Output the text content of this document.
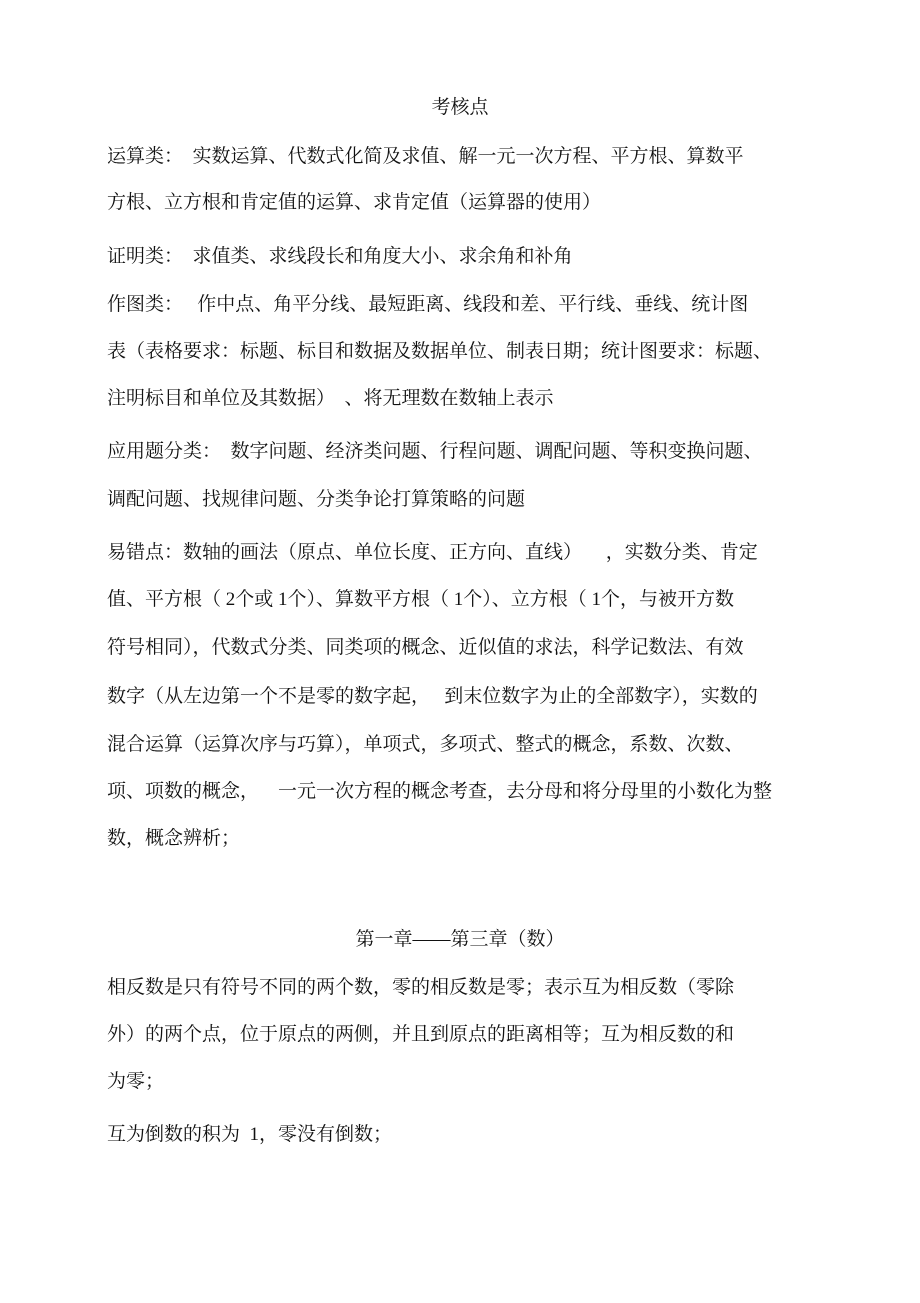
考核点
运算类：  实数运算、代数式化简及求值、解一元一次方程、平方根、算数平
方根、立方根和肯定值的运算、求肯定值（运算器的使用）
证明类：  求值类、求线段长和角度大小、求余角和补角
作图类：   作中点、角平分线、最短距离、线段和差、平行线、垂线、统计图
表（表格要求：标题、标目和数据及数据单位、制表日期；统计图要求：标题、
注明标目和单位及其数据）  、将无理数在数轴上表示
应用题分类：  数字问题、经济类问题、行程问题、调配问题、等积变换问题、
调配问题、找规律问题、分类争论打算策略的问题
易错点：数轴的画法（原点、单位长度、正方向、直线）     ，实数分类、肯定
值、平方根（ 2个或 1个）、算数平方根（ 1个）、立方根（ 1个，与被开方数
符号相同），代数式分类、同类项的概念、近似值的求法，科学记数法、有效
数字（从左边第一个不是零的数字起，   到末位数字为止的全部数字），实数的
混合运算（运算次序与巧算），单项式，多项式、整式的概念，系数、次数、
项、项数的概念，    一元一次方程的概念考查，去分母和将分母里的小数化为整
数，概念辨析；
第一章——第三章（数）
相反数是只有符号不同的两个数，零的相反数是零；表示互为相反数（零除
外）的两个点，位于原点的两侧，并且到原点的距离相等；互为相反数的和
为零；
互为倒数的积为  1，零没有倒数；
